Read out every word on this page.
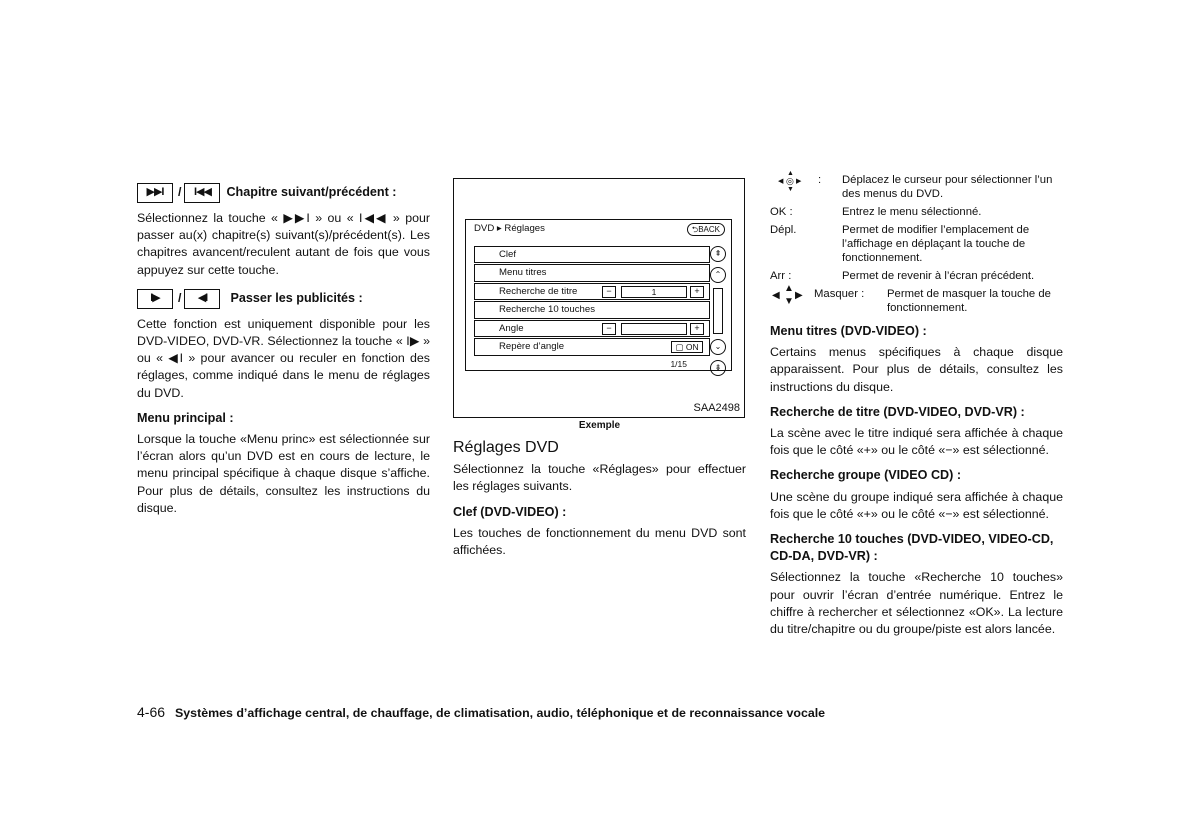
▶▶I	/	I◀◀	Chapitre suivant/précédent :

Sélectionnez la touche « ▶▶I » ou « I◀◀ » pour passer au(x) chapitre(s) suivant(s)/précédent(s). Les chapitres avancent/reculent autant de fois que vous appuyez sur cette touche.

I▶	/	◀I	Passer les publicités :

Cette fonction est uniquement disponible pour les DVD-VIDEO, DVD-VR. Sélectionnez la touche « I▶ » ou « ◀I » pour avancer ou reculer en fonction des réglages, comme indiqué dans le menu de réglages du DVD.

Menu principal :

Lorsque la touche «Menu princ» est sélectionnée sur l’écran alors qu’un DVD est en cours de lecture, le menu principal spécifique à chaque disque s’affiche. Pour plus de détails, consultez les instructions du disque.

DVD ▸ Réglages	⮌BACK
Clef
Menu titres
Recherche de titre	−	1	+
Recherche 10 touches
Angle	−	+
Repère d’angle	▢ ON
⇞
⌃
⌄
⇟
1/15
SAA2498
Exemple
Réglages DVD

Sélectionnez la touche «Réglages» pour effectuer les réglages suivants.

Clef (DVD-VIDEO) :

Les touches de fonctionnement du menu DVD sont affichées.

▲
◀ ▶
▼
◎ : Déplacez le curseur pour sélectionner l’un des menus du DVD.
OK :	Entrez le menu sélectionné.
Dépl.	Permet de modifier l’emplacement de l’affichage en déplaçant la touche de fonctionnement.
Arr :	Permet de revenir à l’écran précédent.
▲
◀ ▶
▼
Masquer : Permet de masquer la touche de fonctionnement.
Menu titres (DVD-VIDEO) :

Certains menus spécifiques à chaque disque apparaissent. Pour plus de détails, consultez les instructions du disque.

Recherche de titre (DVD-VIDEO, DVD-VR) :

La scène avec le titre indiqué sera affichée à chaque fois que le côté «+» ou le côté «−» est sélectionné.

Recherche groupe (VIDEO CD) :

Une scène du groupe indiqué sera affichée à chaque fois que le côté «+» ou le côté «−» est sélectionné.

Recherche 10 touches (DVD-VIDEO, VIDEO-CD, CD-DA, DVD-VR) :

Sélectionnez la touche «Recherche 10 touches» pour ouvrir l’écran d’entrée numérique. Entrez le chiffre à rechercher et sélectionnez «OK». La lecture du titre/chapitre ou du groupe/piste est alors lancée.

4-66 Systèmes d’affichage central, de chauffage, de climatisation, audio, téléphonique et de reconnaissance vocale
